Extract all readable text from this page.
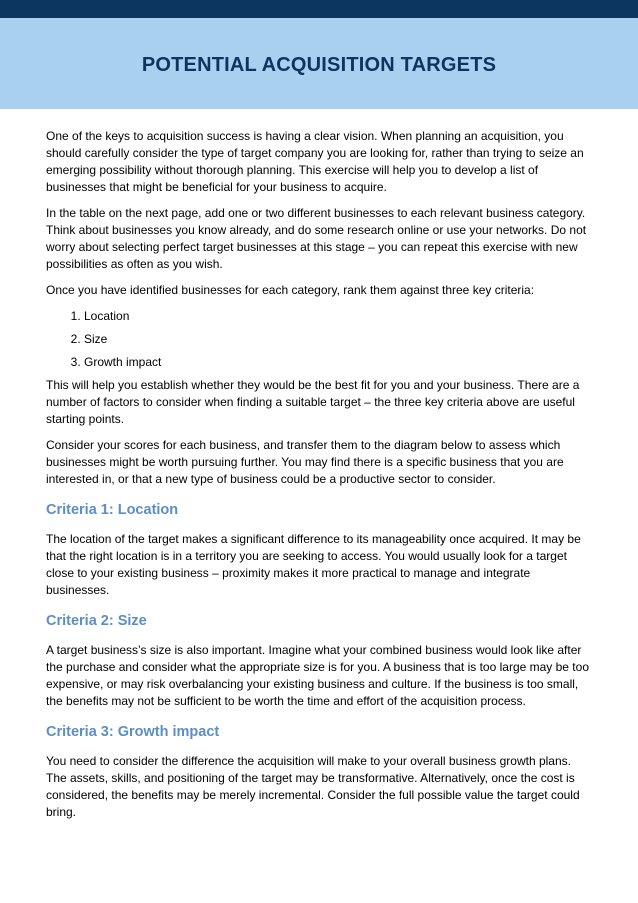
POTENTIAL ACQUISITION TARGETS

One of the keys to acquisition success is having a clear vision. When planning an acquisition, you should carefully consider the type of target company you are looking for, rather than trying to seize an emerging possibility without thorough planning. This exercise will help you to develop a list of businesses that might be beneficial for your business to acquire.

In the table on the next page, add one or two different businesses to each relevant business category. Think about businesses you know already, and do some research online or use your networks. Do not worry about selecting perfect target businesses at this stage – you can repeat this exercise with new possibilities as often as you wish.

Once you have identified businesses for each category, rank them against three key criteria:

1. Location
2. Size
3. Growth impact

This will help you establish whether they would be the best fit for you and your business. There are a number of factors to consider when finding a suitable target – the three key criteria above are useful starting points.

Consider your scores for each business, and transfer them to the diagram below to assess which businesses might be worth pursuing further. You may find there is a specific business that you are interested in, or that a new type of business could be a productive sector to consider.

Criteria 1: Location

The location of the target makes a significant difference to its manageability once acquired. It may be that the right location is in a territory you are seeking to access. You would usually look for a target close to your existing business – proximity makes it more practical to manage and integrate businesses.

Criteria 2: Size

A target business’s size is also important. Imagine what your combined business would look like after the purchase and consider what the appropriate size is for you. A business that is too large may be too expensive, or may risk overbalancing your existing business and culture. If the business is too small, the benefits may not be sufficient to be worth the time and effort of the acquisition process.

Criteria 3: Growth impact

You need to consider the difference the acquisition will make to your overall business growth plans. The assets, skills, and positioning of the target may be transformative. Alternatively, once the cost is considered, the benefits may be merely incremental. Consider the full possible value the target could bring.
